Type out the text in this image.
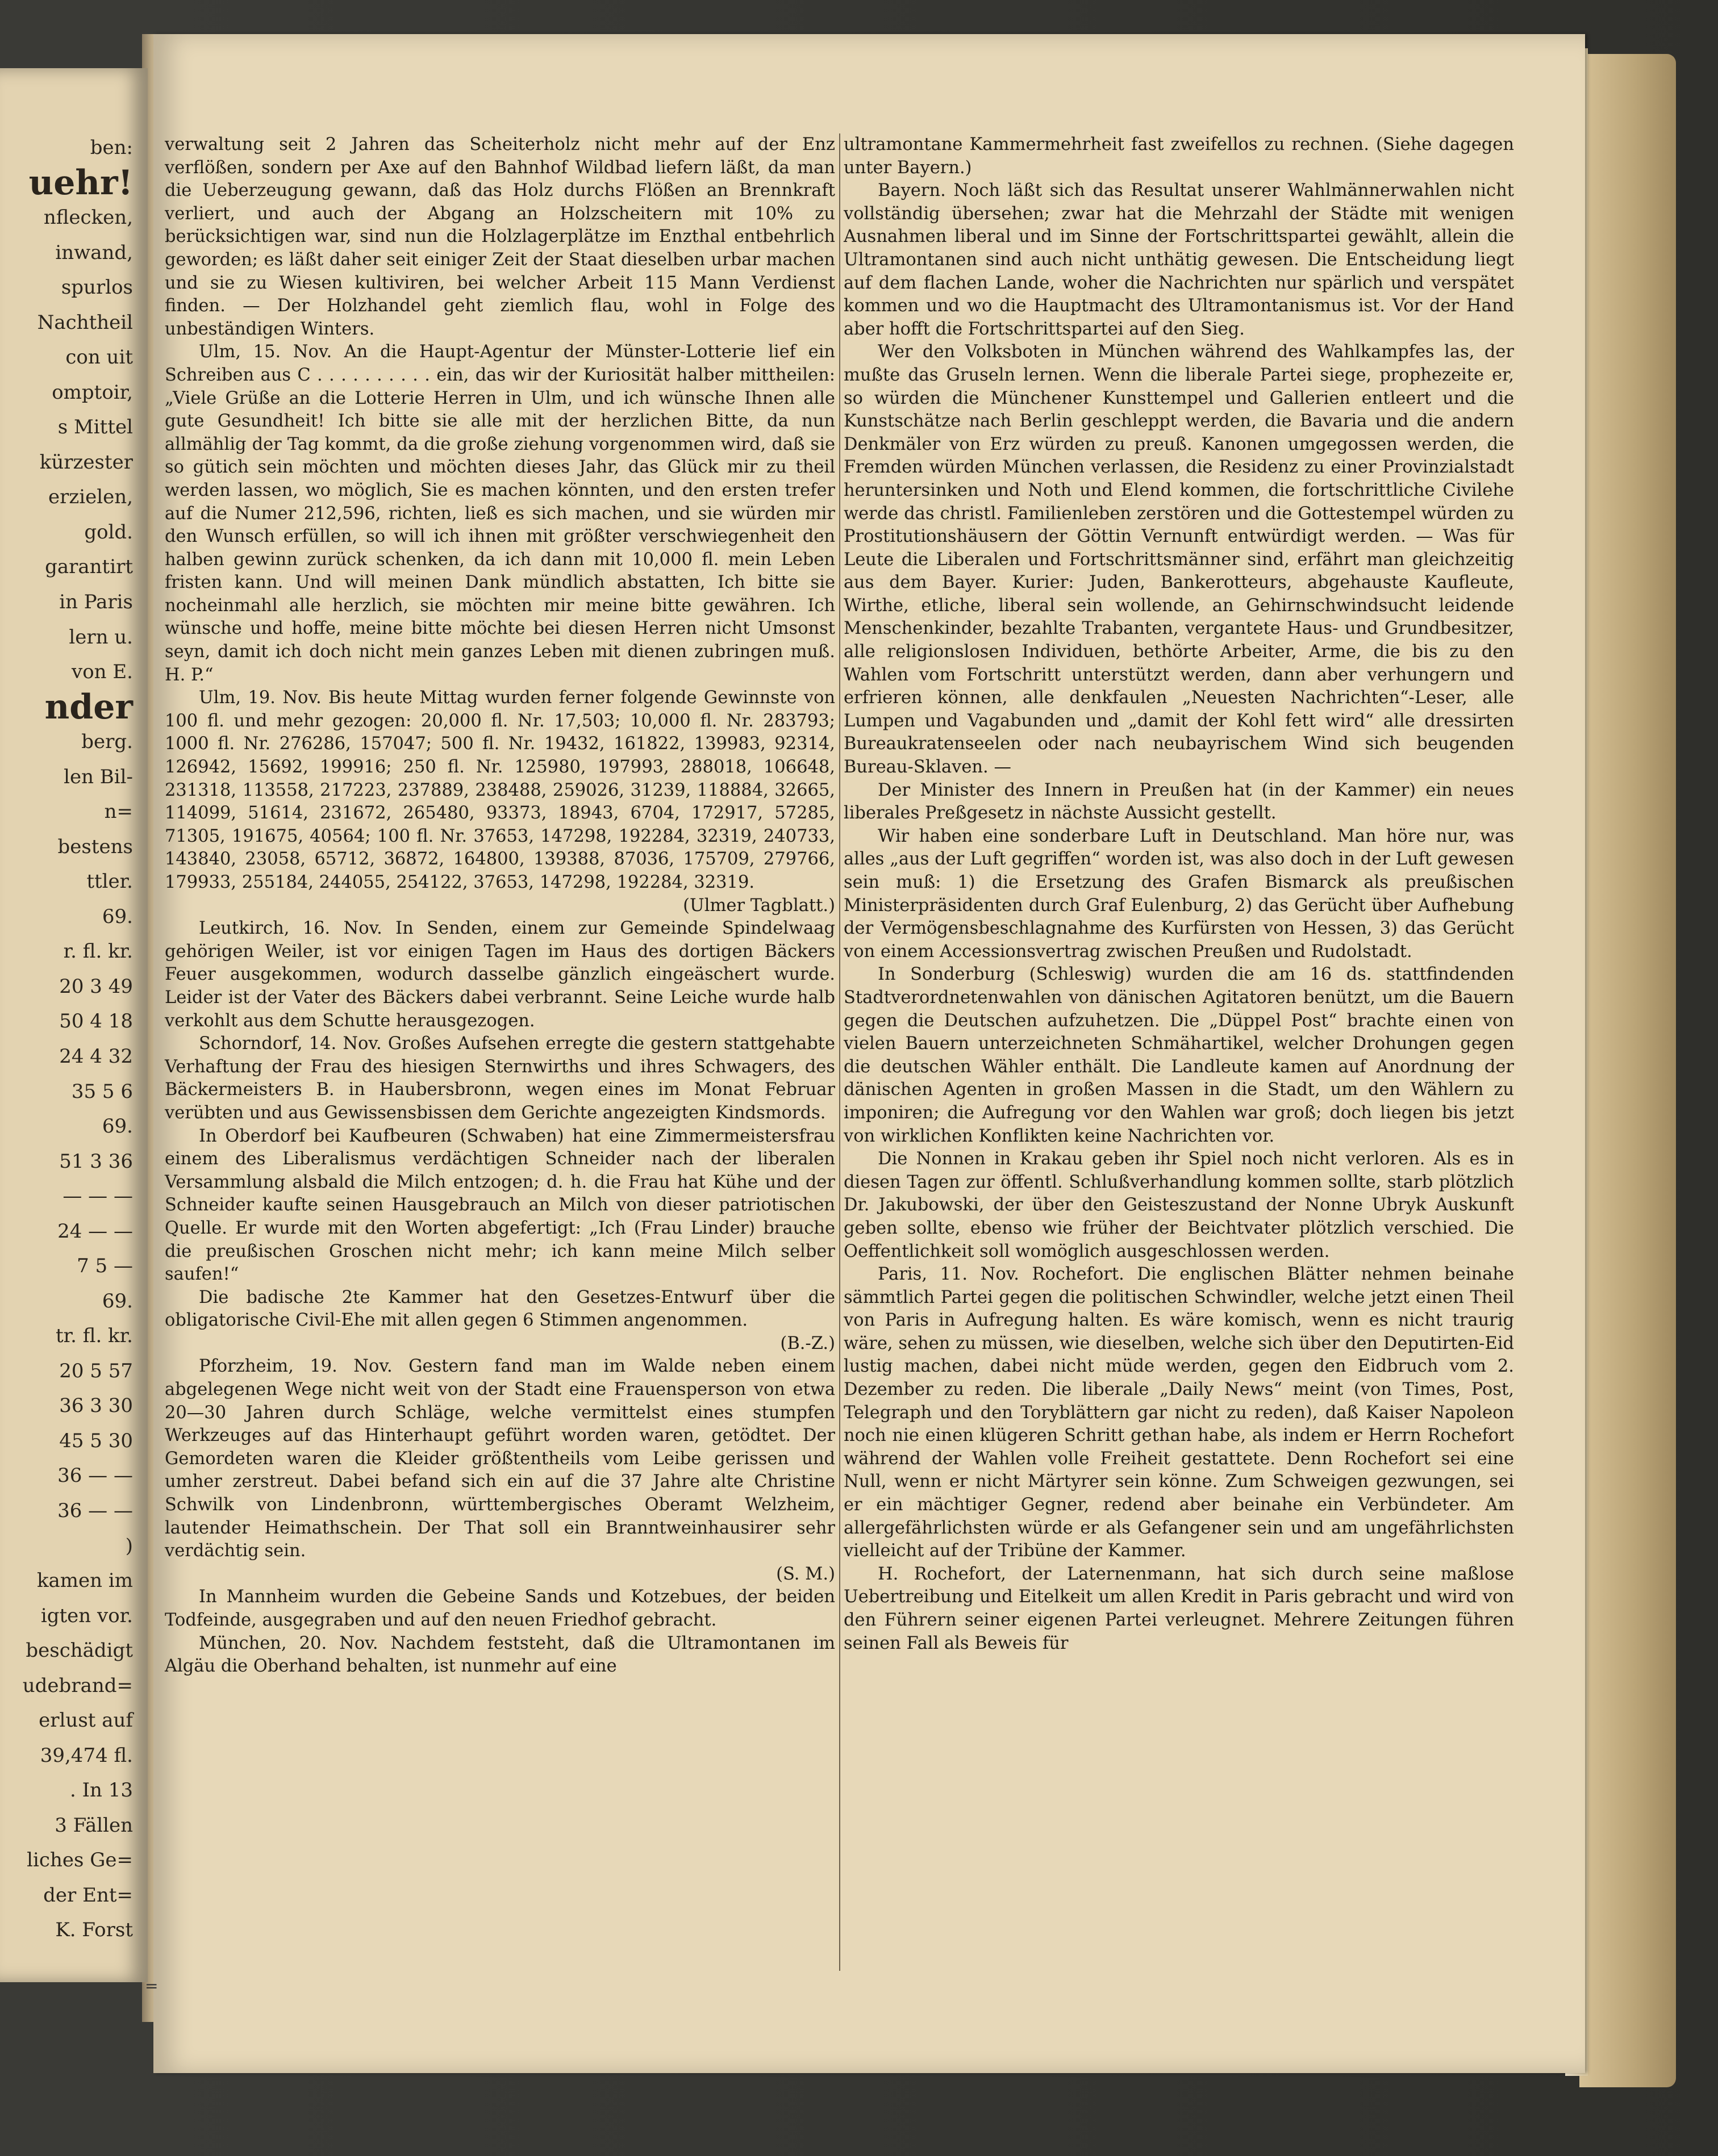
ben:
uehr!
nflecken,
inwand,
spurlos
Nachtheil
con uit
omptoir,
s Mittel
kürzester
erzielen,
gold.
garantirt
in Paris
lern u.
von E.
nder
berg.
len Bil-
n=
bestens
ttler.
69.
r. fl. kr.
20 3 49
50 4 18
24 4 32
35 5 6
69.
51 3 36
— — —
24 — —
7 5 —
69.
tr. fl. kr.
20 5 57
36 3 30
45 5 30
36 — —
36 — —
)
kamen im
igten vor.
beschädigt
udebrand=
erlust auf
39,474 fl.
. In 13
3 Fällen
liches Ge=
der Ent=
K. Forst

verwaltung seit 2 Jahren das Scheiterholz nicht mehr auf der Enz verflößen, sondern per Axe auf den Bahnhof Wildbad liefern läßt, da man die Ueberzeugung gewann, daß das Holz durchs Flößen an Brennkraft verliert, und auch der Abgang an Holzscheitern mit 10% zu berücksichtigen war, sind nun die Holzlagerplätze im Enzthal entbehrlich geworden; es läßt daher seit einiger Zeit der Staat dieselben urbar machen und sie zu Wiesen kultiviren, bei welcher Arbeit 115 Mann Verdienst finden. — Der Holzhandel geht ziemlich flau, wohl in Folge des unbeständigen Winters.

Ulm, 15. Nov. An die Haupt-Agentur der Münster-Lotterie lief ein Schreiben aus C . . . . . . . . . . ein, das wir der Kuriosität halber mittheilen: „Viele Grüße an die Lotterie Herren in Ulm, und ich wünsche Ihnen alle gute Gesundheit! Ich bitte sie alle mit der herzlichen Bitte, da nun allmählig der Tag kommt, da die große ziehung vorgenommen wird, daß sie so gütich sein möchten und möchten dieses Jahr, das Glück mir zu theil werden lassen, wo möglich, Sie es machen könnten, und den ersten trefer auf die Numer 212,596, richten, ließ es sich machen, und sie würden mir den Wunsch erfüllen, so will ich ihnen mit größter verschwiegenheit den halben gewinn zurück schenken, da ich dann mit 10,000 fl. mein Leben fristen kann. Und will meinen Dank mündlich abstatten, Ich bitte sie nocheinmahl alle herzlich, sie möchten mir meine bitte gewähren. Ich wünsche und hoffe, meine bitte möchte bei diesen Herren nicht Umsonst seyn, damit ich doch nicht mein ganzes Leben mit dienen zubringen muß. H. P.“

Ulm, 19. Nov. Bis heute Mittag wurden ferner folgende Gewinnste von 100 fl. und mehr gezogen: 20,000 fl. Nr. 17,503; 10,000 fl. Nr. 283793; 1000 fl. Nr. 276286, 157047; 500 fl. Nr. 19432, 161822, 139983, 92314, 126942, 15692, 199916; 250 fl. Nr. 125980, 197993, 288018, 106648, 231318, 113558, 217223, 237889, 238488, 259026, 31239, 118884, 32665, 114099, 51614, 231672, 265480, 93373, 18943, 6704, 172917, 57285, 71305, 191675, 40564; 100 fl. Nr. 37653, 147298, 192284, 32319, 240733, 143840, 23058, 65712, 36872, 164800, 139388, 87036, 175709, 279766, 179933, 255184, 244055, 254122, 37653, 147298, 192284, 32319.

(Ulmer Tagblatt.)

Leutkirch, 16. Nov. In Senden, einem zur Gemeinde Spindelwaag gehörigen Weiler, ist vor einigen Tagen im Haus des dortigen Bäckers Feuer ausgekommen, wodurch dasselbe gänzlich eingeäschert wurde. Leider ist der Vater des Bäckers dabei verbrannt. Seine Leiche wurde halb verkohlt aus dem Schutte herausgezogen.

Schorndorf, 14. Nov. Großes Aufsehen erregte die gestern stattgehabte Verhaftung der Frau des hiesigen Sternwirths und ihres Schwagers, des Bäckermeisters B. in Haubersbronn, wegen eines im Monat Februar verübten und aus Gewissensbissen dem Gerichte angezeigten Kindsmords.

In Oberdorf bei Kaufbeuren (Schwaben) hat eine Zimmermeistersfrau einem des Liberalismus verdächtigen Schneider nach der liberalen Versammlung alsbald die Milch entzogen; d. h. die Frau hat Kühe und der Schneider kaufte seinen Hausgebrauch an Milch von dieser patriotischen Quelle. Er wurde mit den Worten abgefertigt: „Ich (Frau Linder) brauche die preußischen Groschen nicht mehr; ich kann meine Milch selber saufen!“

Die badische 2te Kammer hat den Gesetzes-Entwurf über die obligatorische Civil-Ehe mit allen gegen 6 Stimmen angenommen.

(B.-Z.)

Pforzheim, 19. Nov. Gestern fand man im Walde neben einem abgelegenen Wege nicht weit von der Stadt eine Frauensperson von etwa 20—30 Jahren durch Schläge, welche vermittelst eines stumpfen Werkzeuges auf das Hinterhaupt geführt worden waren, getödtet. Der Gemordeten waren die Kleider größtentheils vom Leibe gerissen und umher zerstreut. Dabei befand sich ein auf die 37 Jahre alte Christine Schwilk von Lindenbronn, württembergisches Oberamt Welzheim, lautender Heimathschein. Der That soll ein Branntweinhausirer sehr verdächtig sein.

(S. M.)

In Mannheim wurden die Gebeine Sands und Kotzebues, der beiden Todfeinde, ausgegraben und auf den neuen Friedhof gebracht.

München, 20. Nov. Nachdem feststeht, daß die Ultramontanen im Algäu die Oberhand behalten, ist nunmehr auf eine

ultramontane Kammermehrheit fast zweifellos zu rechnen. (Siehe dagegen unter Bayern.)

Bayern. Noch läßt sich das Resultat unserer Wahlmännerwahlen nicht vollständig übersehen; zwar hat die Mehrzahl der Städte mit wenigen Ausnahmen liberal und im Sinne der Fortschrittspartei gewählt, allein die Ultramontanen sind auch nicht unthätig gewesen. Die Entscheidung liegt auf dem flachen Lande, woher die Nachrichten nur spärlich und verspätet kommen und wo die Hauptmacht des Ultramontanismus ist. Vor der Hand aber hofft die Fortschrittspartei auf den Sieg.

Wer den Volksboten in München während des Wahlkampfes las, der mußte das Gruseln lernen. Wenn die liberale Partei siege, prophezeite er, so würden die Münchener Kunsttempel und Gallerien entleert und die Kunstschätze nach Berlin geschleppt werden, die Bavaria und die andern Denkmäler von Erz würden zu preuß. Kanonen umgegossen werden, die Fremden würden München verlassen, die Residenz zu einer Provinzialstadt heruntersinken und Noth und Elend kommen, die fortschrittliche Civilehe werde das christl. Familienleben zerstören und die Gottestempel würden zu Prostitutionshäusern der Göttin Vernunft entwürdigt werden. — Was für Leute die Liberalen und Fortschrittsmänner sind, erfährt man gleichzeitig aus dem Bayer. Kurier: Juden, Bankerotteurs, abgehauste Kaufleute, Wirthe, etliche, liberal sein wollende, an Gehirnschwindsucht leidende Menschenkinder, bezahlte Trabanten, vergantete Haus- und Grundbesitzer, alle religionslosen Individuen, bethörte Arbeiter, Arme, die bis zu den Wahlen vom Fortschritt unterstützt werden, dann aber verhungern und erfrieren können, alle denkfaulen „Neuesten Nachrichten“-Leser, alle Lumpen und Vagabunden und „damit der Kohl fett wird“ alle dressirten Bureaukratenseelen oder nach neubayrischem Wind sich beugenden Bureau-Sklaven. —

Der Minister des Innern in Preußen hat (in der Kammer) ein neues liberales Preßgesetz in nächste Aussicht gestellt.

Wir haben eine sonderbare Luft in Deutschland. Man höre nur, was alles „aus der Luft gegriffen“ worden ist, was also doch in der Luft gewesen sein muß: 1) die Ersetzung des Grafen Bismarck als preußischen Ministerpräsidenten durch Graf Eulenburg, 2) das Gerücht über Aufhebung der Vermögensbeschlagnahme des Kurfürsten von Hessen, 3) das Gerücht von einem Accessionsvertrag zwischen Preußen und Rudolstadt.

In Sonderburg (Schleswig) wurden die am 16 ds. stattfindenden Stadtverordnetenwahlen von dänischen Agitatoren benützt, um die Bauern gegen die Deutschen aufzuhetzen. Die „Düppel Post“ brachte einen von vielen Bauern unterzeichneten Schmähartikel, welcher Drohungen gegen die deutschen Wähler enthält. Die Landleute kamen auf Anordnung der dänischen Agenten in großen Massen in die Stadt, um den Wählern zu imponiren; die Aufregung vor den Wahlen war groß; doch liegen bis jetzt von wirklichen Konflikten keine Nachrichten vor.

Die Nonnen in Krakau geben ihr Spiel noch nicht verloren. Als es in diesen Tagen zur öffentl. Schlußverhandlung kommen sollte, starb plötzlich Dr. Jakubowski, der über den Geisteszustand der Nonne Ubryk Auskunft geben sollte, ebenso wie früher der Beichtvater plötzlich verschied. Die Oeffentlichkeit soll womöglich ausgeschlossen werden.

Paris, 11. Nov. Rochefort. Die englischen Blätter nehmen beinahe sämmtlich Partei gegen die politischen Schwindler, welche jetzt einen Theil von Paris in Aufregung halten. Es wäre komisch, wenn es nicht traurig wäre, sehen zu müssen, wie dieselben, welche sich über den Deputirten-Eid lustig machen, dabei nicht müde werden, gegen den Eidbruch vom 2. Dezember zu reden. Die liberale „Daily News“ meint (von Times, Post, Telegraph und den Toryblättern gar nicht zu reden), daß Kaiser Napoleon noch nie einen klügeren Schritt gethan habe, als indem er Herrn Rochefort während der Wahlen volle Freiheit gestattete. Denn Rochefort sei eine Null, wenn er nicht Märtyrer sein könne. Zum Schweigen gezwungen, sei er ein mächtiger Gegner, redend aber beinahe ein Verbündeter. Am allergefährlichsten würde er als Gefangener sein und am ungefährlichsten vielleicht auf der Tribüne der Kammer.

H. Rochefort, der Laternenmann, hat sich durch seine maßlose Uebertreibung und Eitelkeit um allen Kredit in Paris gebracht und wird von den Führern seiner eigenen Partei verleugnet. Mehrere Zeitungen führen seinen Fall als Beweis für

=
